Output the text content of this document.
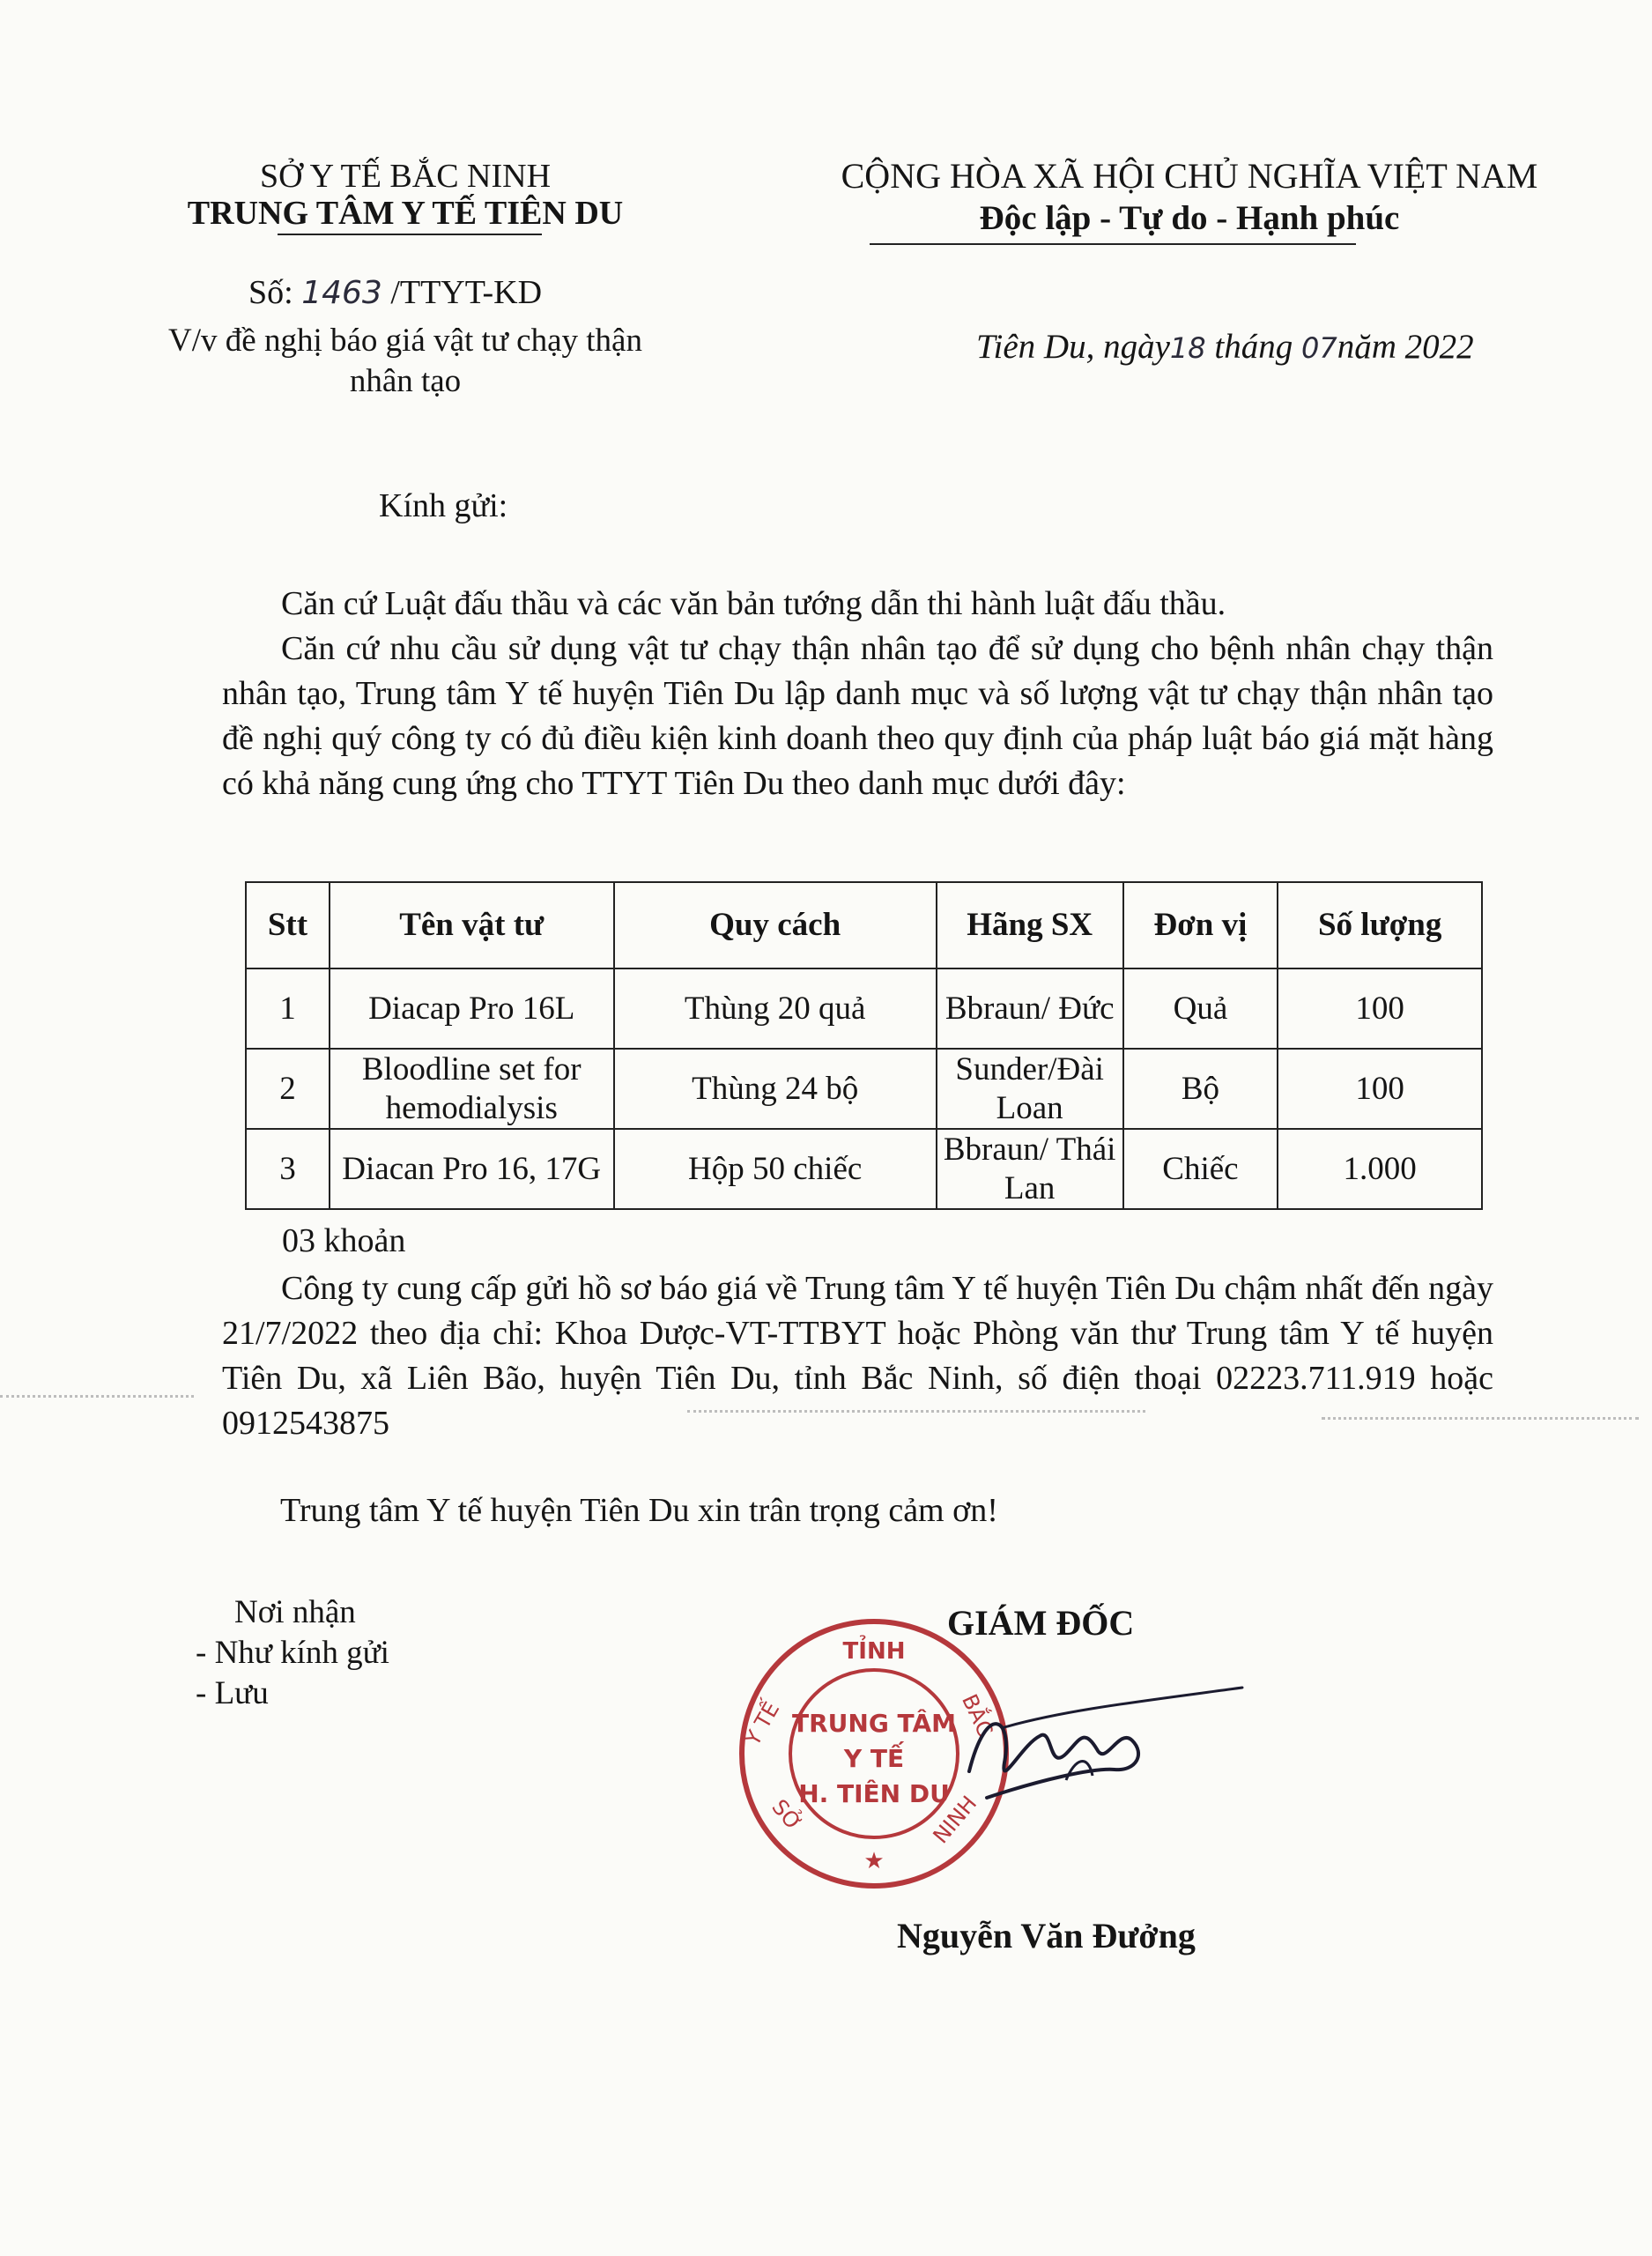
SỞ Y TẾ BẮC NINH
TRUNG TÂM Y TẾ TIÊN DU
Số: 1463 /TTYT-KD
V/v đề nghị báo giá vật tư chạy thận
nhân tạo
CỘNG HÒA XÃ HỘI CHỦ NGHĨA VIỆT NAM
Độc lập - Tự do - Hạnh phúc
Tiên Du, ngày18 tháng 07năm 2022
Kính gửi:

Căn cứ Luật đấu thầu và các văn bản tướng dẫn thi hành luật đấu thầu.

Căn cứ nhu cầu sử dụng vật tư chạy thận nhân tạo để sử dụng cho bệnh nhân chạy thận nhân tạo, Trung tâm Y tế huyện Tiên Du lập danh mục và số lượng vật tư chạy thận nhân tạo đề nghị quý công ty có đủ điều kiện kinh doanh theo quy định của pháp luật báo giá mặt hàng có khả năng cung ứng cho TTYT Tiên Du theo danh mục dưới đây:

Stt	Tên vật tư	Quy cách	Hãng SX	Đơn vị	Số lượng
1	Diacap Pro 16L	Thùng 20 quả	Bbraun/ Đức	Quả	100
2	Bloodline set for hemodialysis	Thùng 24 bộ	Sunder/Đài Loan	Bộ	100
3	Diacan Pro 16, 17G	Hộp 50 chiếc	Bbraun/ Thái Lan	Chiếc	1.000
03 khoản
Công ty cung cấp gửi hồ sơ báo giá về Trung tâm Y tế huyện Tiên Du chậm nhất đến ngày 21/7/2022 theo địa chỉ: Khoa Dược-VT-TTBYT hoặc Phòng văn thư Trung tâm Y tế huyện Tiên Du, xã Liên Bão, huyện Tiên Du, tỉnh Bắc Ninh, số điện thoại 02223.711.919 hoặc 0912543875
Trung tâm Y tế huyện Tiên Du xin trân trọng cảm ơn!
Nơi nhận
- Như kính gửi
- Lưu
GIÁM ĐỐC
TỈNH
Y TẾ	BẮC
SỞ	NINH
★
TRUNG TÂM
Y TẾ
H. TIÊN DU
Nguyễn Văn Đưởng
